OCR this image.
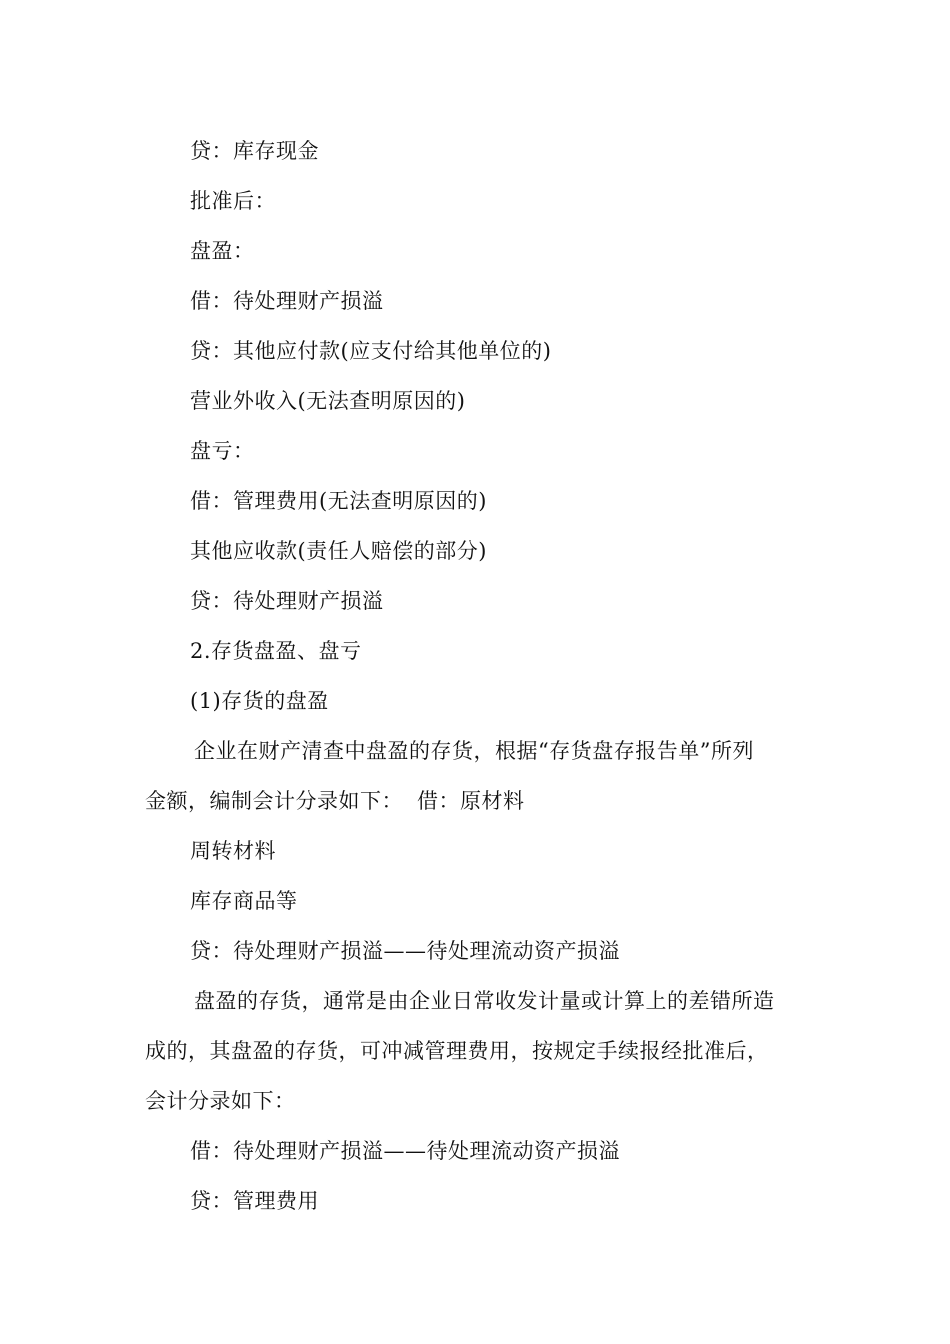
贷：库存现金
批准后：
盘盈：
借：待处理财产损溢
贷：其他应付款(应支付给其他单位的)
营业外收入(无法查明原因的)
盘亏：
借：管理费用(无法查明原因的)
其他应收款(责任人赔偿的部分)
贷：待处理财产损溢
2.存货盘盈、盘亏
(1)存货的盘盈
企业在财产清查中盘盈的存货，根据“存货盘存报告单”所列
金额，编制会计分录如下： 借：原材料
周转材料
库存商品等
贷：待处理财产损溢——待处理流动资产损溢
盘盈的存货，通常是由企业日常收发计量或计算上的差错所造
成的，其盘盈的存货，可冲减管理费用，按规定手续报经批准后，
会计分录如下：
借：待处理财产损溢——待处理流动资产损溢
贷：管理费用
